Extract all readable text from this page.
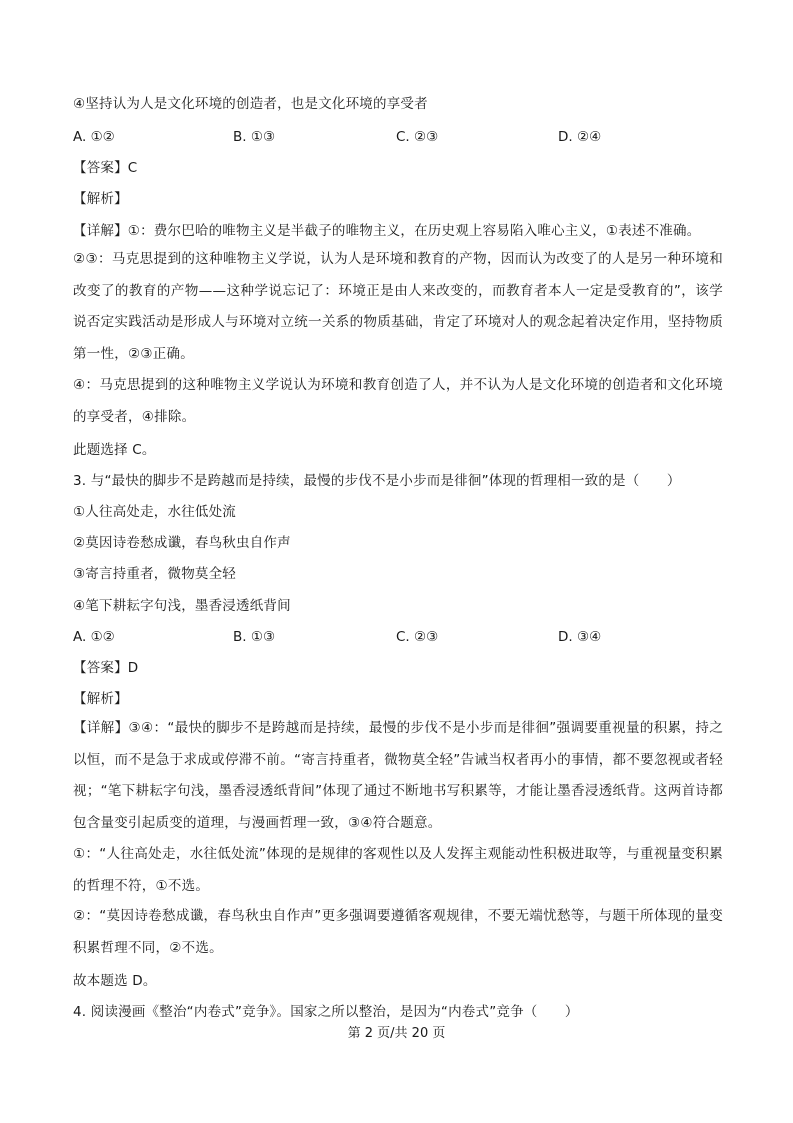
④坚持认为人是文化环境的创造者，也是文化环境的享受者
A. ①②	B. ①③	C. ②③	D. ②④
【答案】C
【解析】
【详解】①：费尔巴哈的唯物主义是半截子的唯物主义，在历史观上容易陷入唯心主义，①表述不准确。
②③：马克思提到的这种唯物主义学说，认为人是环境和教育的产物，因而认为改变了的人是另一种环境和改变了的教育的产物——这种学说忘记了：环境正是由人来改变的，而教育者本人一定是受教育的”，该学说否定实践活动是形成人与环境对立统一关系的物质基础，肯定了环境对人的观念起着决定作用，坚持物质第一性，②③正确。
④：马克思提到的这种唯物主义学说认为环境和教育创造了人，并不认为人是文化环境的创造者和文化环境的享受者，④排除。
此题选择 C。
3. 与“最快的脚步不是跨越而是持续，最慢的步伐不是小步而是徘徊”体现的哲理相一致的是（　　）
①人往高处走，水往低处流
②莫因诗卷愁成谶，春鸟秋虫自作声
③寄言持重者，微物莫全轻
④笔下耕耘字句浅，墨香浸透纸背间
A. ①②	B. ①③	C. ②③	D. ③④
【答案】D
【解析】
【详解】③④：“最快的脚步不是跨越而是持续，最慢的步伐不是小步而是徘徊”强调要重视量的积累，持之以恒，而不是急于求成或停滞不前。“寄言持重者，微物莫全轻”告诫当权者再小的事情，都不要忽视或者轻视；“笔下耕耘字句浅，墨香浸透纸背间”体现了通过不断地书写积累等，才能让墨香浸透纸背。这两首诗都包含量变引起质变的道理，与漫画哲理一致，③④符合题意。
①：“人往高处走，水往低处流”体现的是规律的客观性以及人发挥主观能动性积极进取等，与重视量变积累的哲理不符，①不选。
②：“莫因诗卷愁成谶，春鸟秋虫自作声”更多强调要遵循客观规律，不要无端忧愁等，与题干所体现的量变积累哲理不同，②不选。
故本题选 D。
4. 阅读漫画《整治“内卷式”竞争》。国家之所以整治，是因为“内卷式”竞争（　　）
第 2 页/共 20 页
